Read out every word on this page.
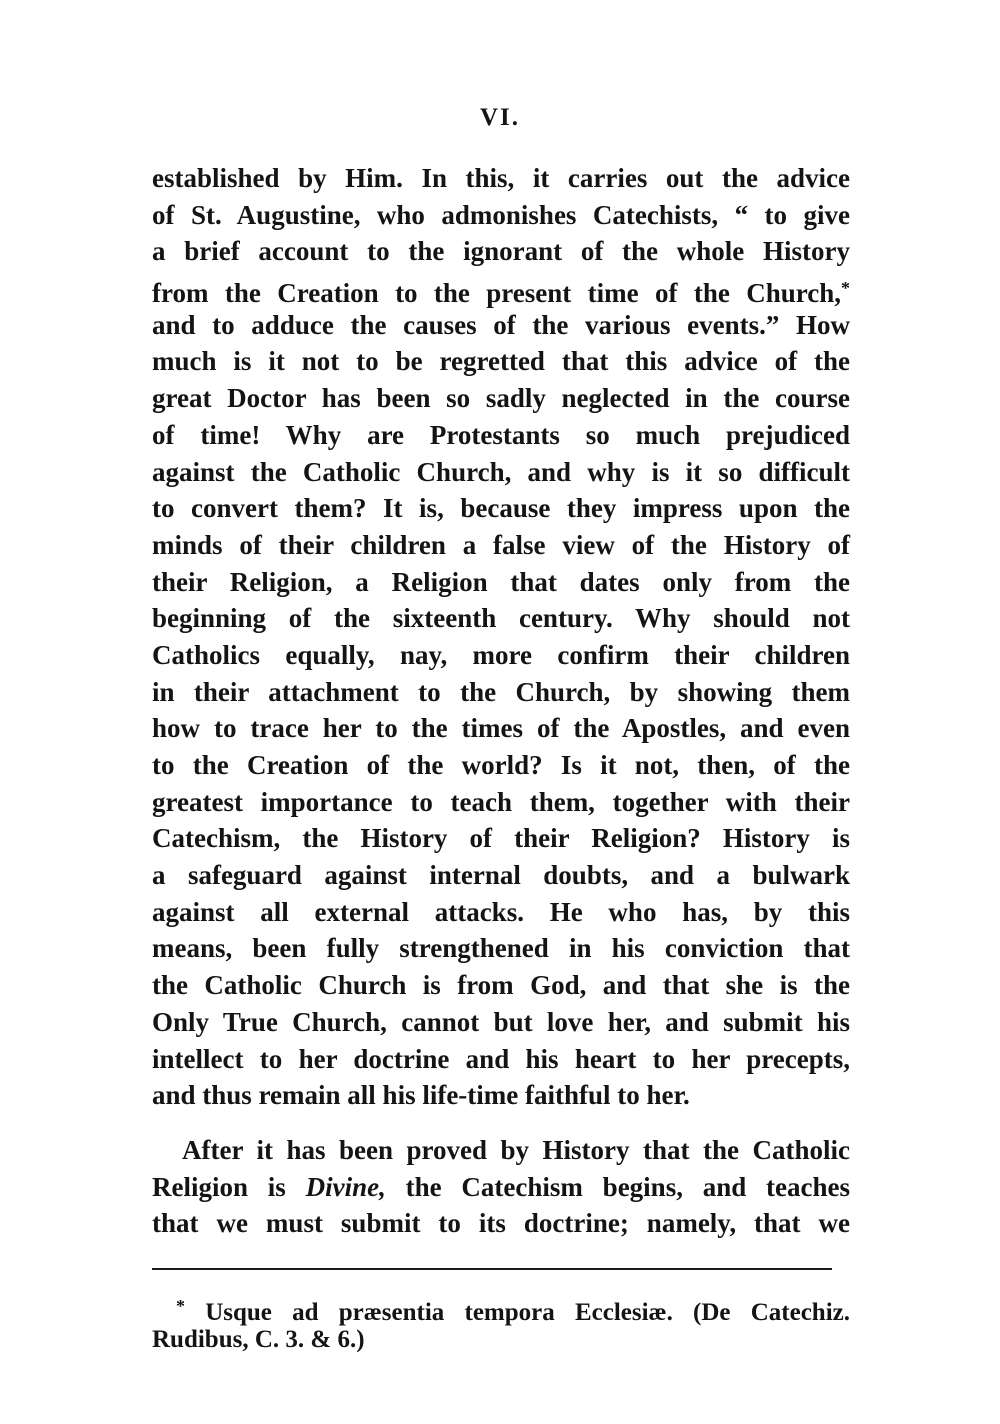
VI.
established by Him. In this, it carries out the advice
of St. Augustine, who admonishes Catechists, “ to give
a brief account to the ignorant of the whole History
from the Creation to the present time of the Church,*
and to adduce the causes of the various events.” How
much is it not to be regretted that this advice of the
great Doctor has been so sadly neglected in the course
of time! Why are Protestants so much prejudiced
against the Catholic Church, and why is it so difficult
to convert them? It is, because they impress upon the
minds of their children a false view of the History of
their Religion, a Religion that dates only from the
beginning of the sixteenth century. Why should not
Catholics equally, nay, more confirm their children
in their attachment to the Church, by showing them
how to trace her to the times of the Apostles, and even
to the Creation of the world? Is it not, then, of the
greatest importance to teach them, together with their
Catechism, the History of their Religion? History is
a safeguard against internal doubts, and a bulwark
against all external attacks. He who has, by this
means, been fully strengthened in his conviction that
the Catholic Church is from God, and that she is the
Only True Church, cannot but love her, and submit his
intellect to her doctrine and his heart to her precepts,
and thus remain all his life-time faithful to her.
After it has been proved by History that the Catholic
Religion is Divine, the Catechism begins, and teaches
that we must submit to its doctrine; namely, that we
* Usque ad præsentia tempora Ecclesiæ. (De Catechiz.
Rudibus, C. 3. & 6.)
